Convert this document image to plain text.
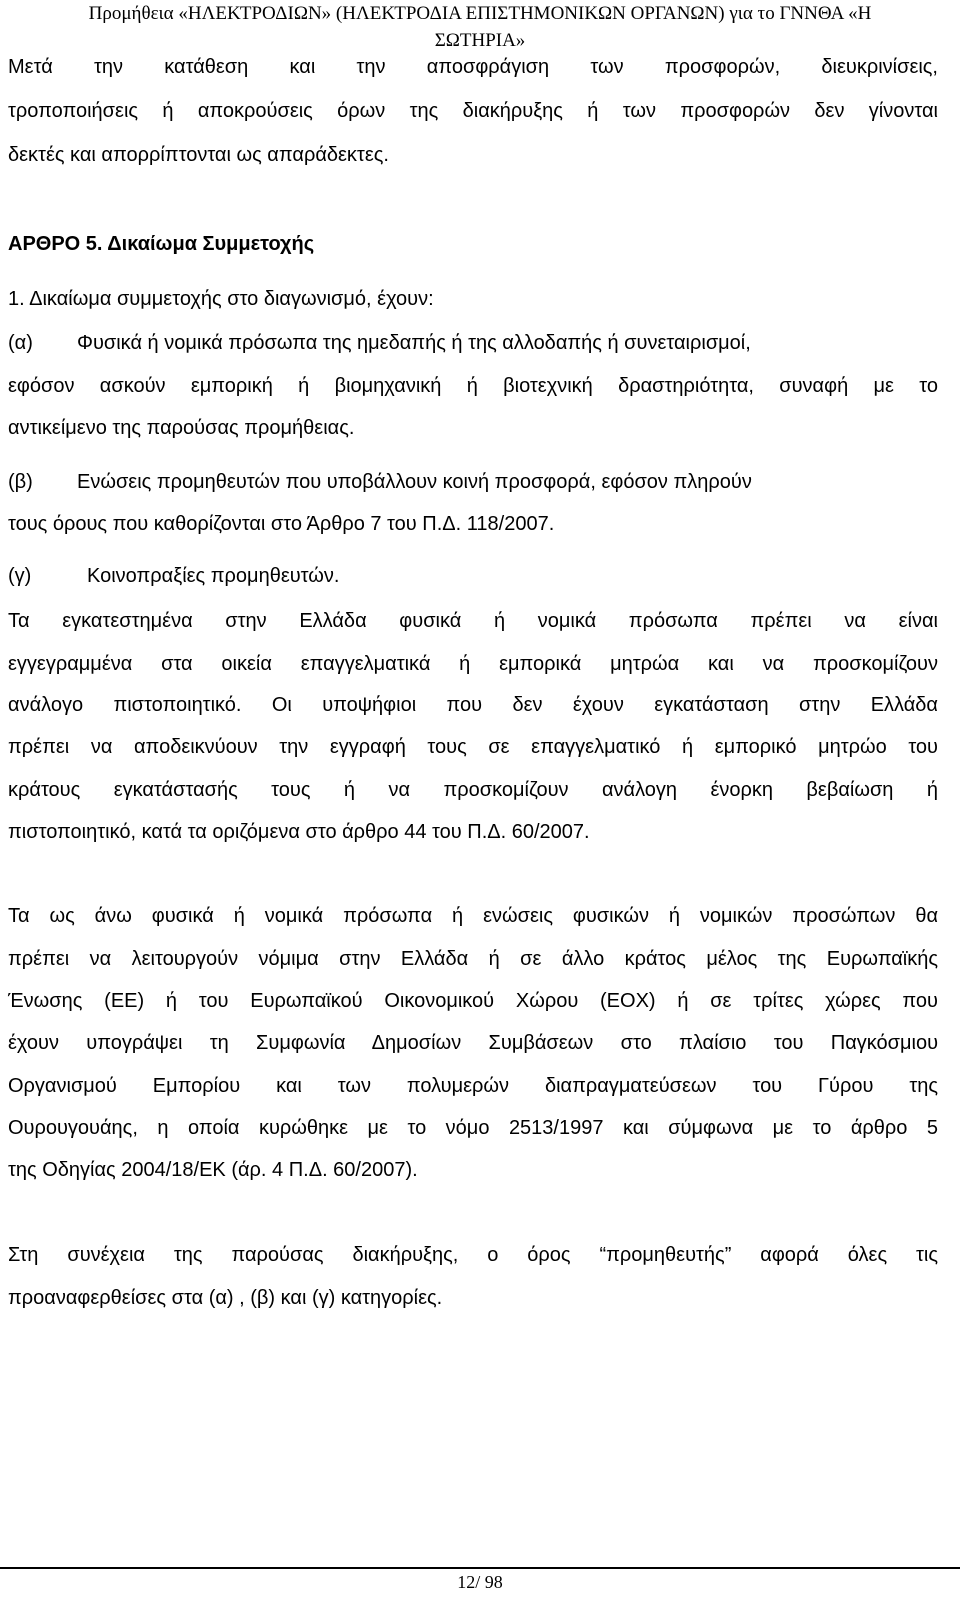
Προμήθεια «ΗΛΕΚΤΡΟΔΙΩΝ» (ΗΛΕΚΤΡΟΔΙΑ ΕΠΙΣΤΗΜΟΝΙΚΩΝ ΟΡΓΑΝΩΝ) για το ΓΝΝΘΑ «Η
ΣΩΤΗΡΙΑ»
Μετά την κατάθεση και την αποσφράγιση των προσφορών, διευκρινίσεις,
τροποποιήσεις ή αποκρούσεις όρων της διακήρυξης ή των προσφορών δεν γίνονται
δεκτές και απορρίπτονται ως απαράδεκτες.
ΑΡΘΡΟ 5. Δικαίωμα Συμμετοχής
1. Δικαίωμα συμμετοχής στο διαγωνισμό, έχουν:
(α) Φυσικά ή νομικά πρόσωπα της ημεδαπής ή της αλλοδαπής ή συνεταιρισμοί,
εφόσον ασκούν εμπορική ή βιομηχανική ή βιοτεχνική δραστηριότητα, συναφή με το
αντικείμενο της παρούσας προμήθειας.
(β) Ενώσεις προμηθευτών που υποβάλλουν κοινή προσφορά, εφόσον πληρούν
τους όρους που καθορίζονται στο Άρθρο 7 του Π.Δ. 118/2007.
(γ)	Κοινοπραξίες προμηθευτών.
Τα εγκατεστημένα στην Ελλάδα φυσικά ή νομικά πρόσωπα πρέπει να είναι
εγγεγραμμένα στα οικεία επαγγελματικά ή εμπορικά μητρώα και να προσκομίζουν
ανάλογο πιστοποιητικό. Οι υποψήφιοι που δεν έχουν εγκατάσταση στην Ελλάδα
πρέπει να αποδεικνύουν την εγγραφή τους σε επαγγελματικό ή εμπορικό μητρώο του
κράτους εγκατάστασής τους ή να προσκομίζουν ανάλογη ένορκη βεβαίωση ή
πιστοποιητικό, κατά τα οριζόμενα στο άρθρο 44 του Π.Δ. 60/2007.
Τα ως άνω φυσικά ή νομικά πρόσωπα ή ενώσεις φυσικών ή νομικών προσώπων θα
πρέπει να λειτουργούν νόμιμα στην Ελλάδα ή σε άλλο κράτος μέλος της Ευρωπαϊκής
Ένωσης (ΕΕ) ή του Ευρωπαϊκού Οικονομικού Χώρου (ΕΟΧ) ή σε τρίτες χώρες που
έχουν υπογράψει τη Συμφωνία Δημοσίων Συμβάσεων στο πλαίσιο του Παγκόσμιου
Οργανισμού Εμπορίου και των πολυμερών διαπραγματεύσεων του Γύρου της
Ουρουγουάης, η οποία κυρώθηκε με το νόμο 2513/1997 και σύμφωνα με το άρθρο 5
της Οδηγίας 2004/18/ΕΚ (άρ. 4 Π.Δ. 60/2007).
Στη συνέχεια της παρούσας διακήρυξης, ο όρος “προμηθευτής” αφορά όλες τις
προαναφερθείσες στα (α) , (β) και (γ) κατηγορίες.
12/ 98
